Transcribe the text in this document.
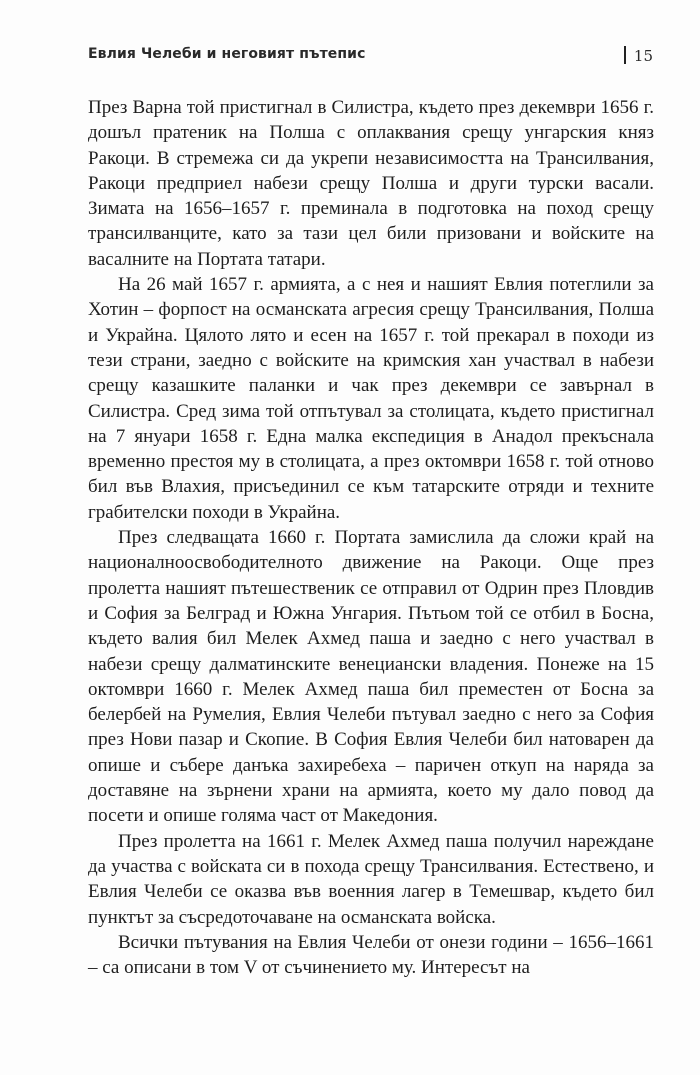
Евлия Челеби и неговият пътепис	15

През Варна той пристигнал в Силистра, където през декември 1656 г. дошъл пратеник на Полша с оплаквания срещу унгарския княз Ракоци. В стремежа си да укрепи независимостта на Трансилвания, Ракоци предприел набези срещу Полша и други турски васали. Зимата на 1656–1657 г. преминала в подготовка на поход срещу трансилванците, като за тази цел били призовани и войските на васалните на Портата татари.

На 26 май 1657 г. армията, а с нея и нашият Евлия потеглили за Хотин – форпост на османската агресия срещу Трансилвания, Полша и Украйна. Цялото лято и есен на 1657 г. той прекарал в походи из тези страни, заедно с войските на кримския хан участвал в набези срещу казашките паланки и чак през декември се завърнал в Силистра. Сред зима той отпътувал за столицата, където пристигнал на 7 януари 1658 г. Една малка експедиция в Анадол прекъснала временно престоя му в столицата, а през октомври 1658 г. той отново бил във Влахия, присъединил се към татарските отряди и техните грабителски походи в Украйна.

През следващата 1660 г. Портата замислила да сложи край на националноосвободителното движение на Ракоци. Още през пролетта нашият пътешественик се отправил от Одрин през Пловдив и София за Белград и Южна Унгария. Пътьом той се отбил в Босна, където валия бил Мелек Ахмед паша и заедно с него участвал в набези срещу далматинските венециански владения. Понеже на 15 октомври 1660 г. Мелек Ахмед паша бил преместен от Босна за белербей на Румелия, Евлия Челеби пътувал заедно с него за София през Нови пазар и Скопие. В София Евлия Челеби бил натоварен да опише и събере данъка захиребеха – паричен откуп на наряда за доставяне на зърнени храни на армията, което му дало повод да посети и опише голяма част от Македония.

През пролетта на 1661 г. Мелек Ахмед паша получил нареждане да участва с войската си в похода срещу Трансилвания. Естествено, и Евлия Челеби се оказва във военния лагер в Темешвар, където бил пунктът за съсредоточаване на османската войска.

Всички пътувания на Евлия Челеби от онези години – 1656–1661 – са описани в том V от съчинението му. Интересът на
